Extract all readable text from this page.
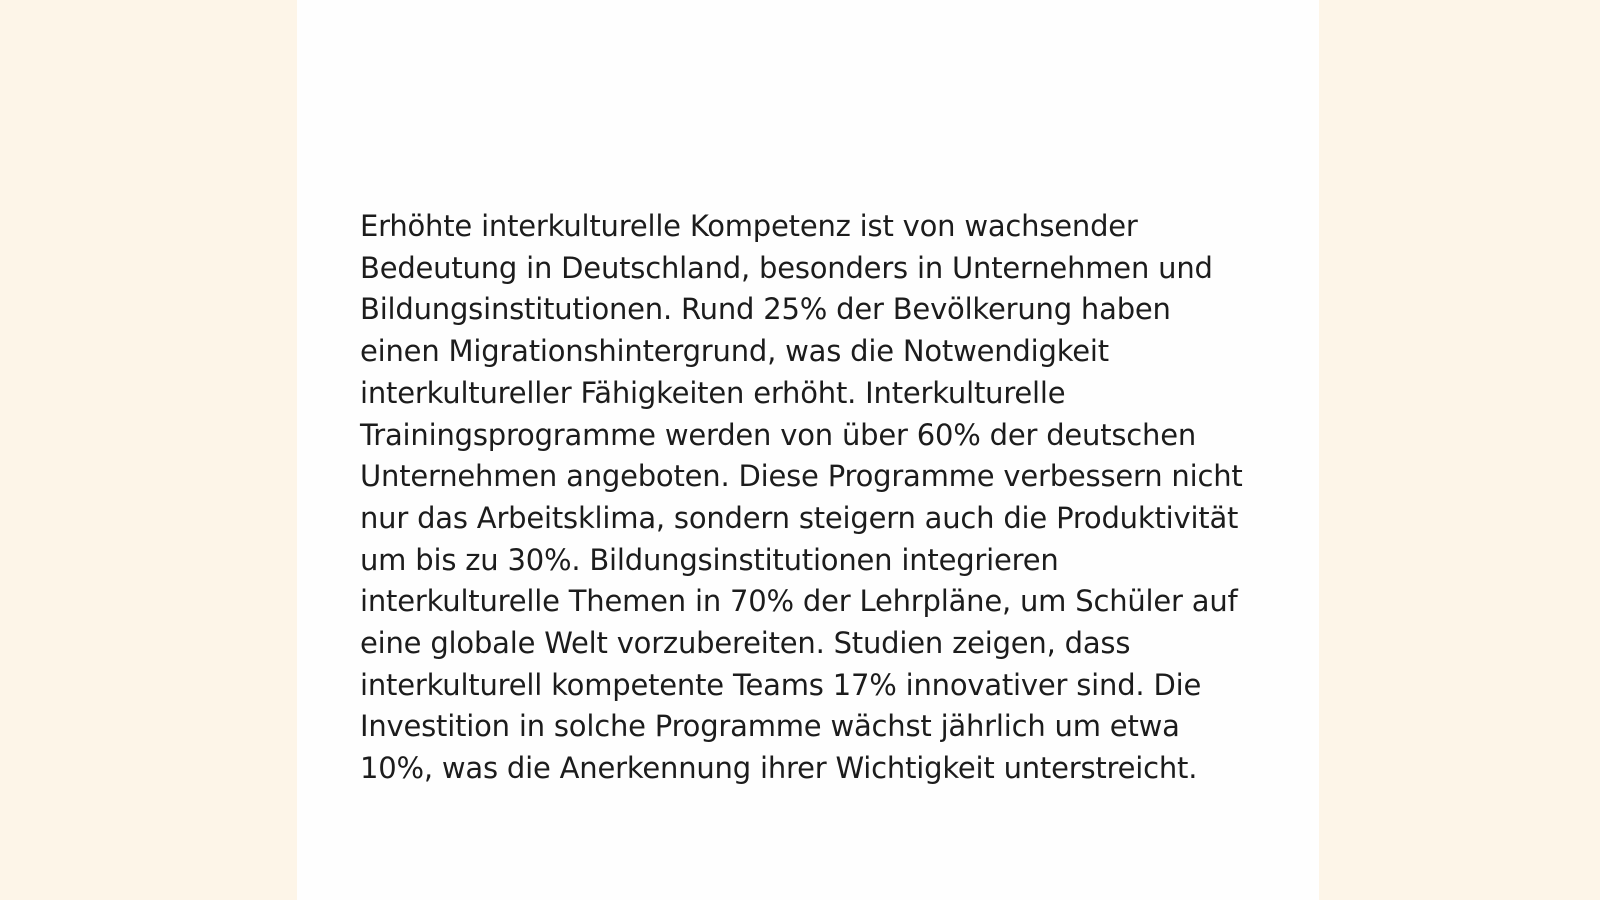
Erhöhte interkulturelle Kompetenz ist von wachsender Bedeutung in Deutschland, besonders in Unternehmen und Bildungsinstitutionen. Rund 25% der Bevölkerung haben einen Migrationshintergrund, was die Notwendigkeit interkultureller Fähigkeiten erhöht. Interkulturelle Trainingsprogramme werden von über 60% der deutschen Unternehmen angeboten. Diese Programme verbessern nicht nur das Arbeitsklima, sondern steigern auch die Produktivität um bis zu 30%. Bildungsinstitutionen integrieren interkulturelle Themen in 70% der Lehrpläne, um Schüler auf eine globale Welt vorzubereiten. Studien zeigen, dass interkulturell kompetente Teams 17% innovativer sind. Die Investition in solche Programme wächst jährlich um etwa 10%, was die Anerkennung ihrer Wichtigkeit unterstreicht.
